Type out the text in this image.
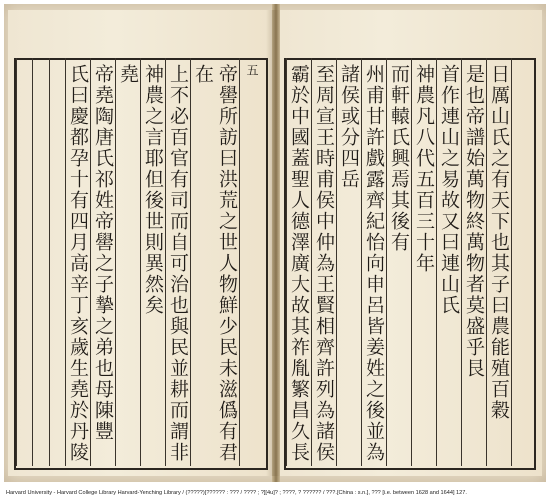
五
帝嚳所訪曰洪荒之世人物鮮少民未滋僞有君在
上不必百官有司而自可治也與民並耕而謂非
神農之言耶但後世則異然矣
堯
帝堯陶唐氏祁姓帝嚳之子摯之弟也母陳豐
氏曰慶都孕十有四月高辛丁亥歲生堯於丹陵	日厲山氏之有天下也其子曰農能殖百穀
是也帝譜始萬物終萬物者莫盛乎艮
首作連山之易故又曰連山氏
神農凡八代五百三十年
而軒轅氏興焉其後有
州甫甘許戲露齊紀怡向申呂皆姜姓之後並為
諸侯或分四岳
至周宣王時甫侯中仲為王賢相齊許列為諸侯
霸於中國蓋聖人德澤廣大故其祚胤繁昌久長
Harvard University - Harvard College Library Harvard-Yenching Library / (?????)[?????? : ??? / ???? ; ?][4u]? ; ????, ? ?????? / ???.[China : s.n.], ??? [i.e. between 1628 and 1644] 127.
